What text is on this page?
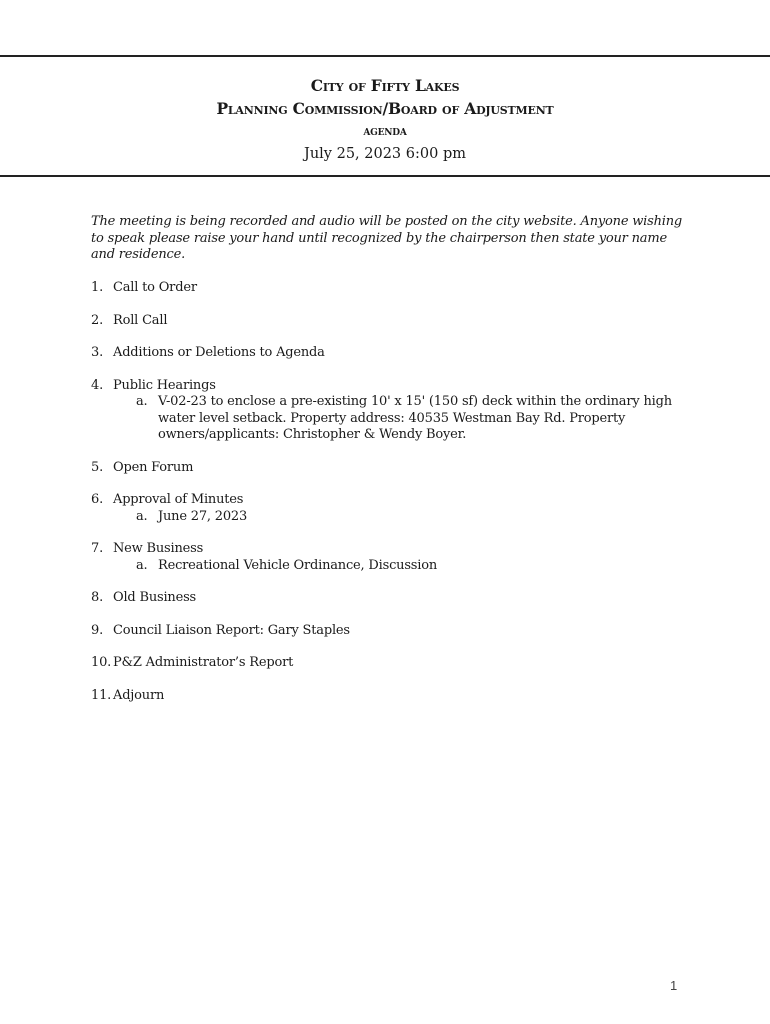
City of Fifty Lakes
Planning Commission/Board of Adjustment
agenda
July 25, 2023 6:00 pm
The meeting is being recorded and audio will be posted on the city website. Anyone wishing to speak please raise your hand until recognized by the chairperson then state your name and residence.
1. Call to Order
2. Roll Call
3. Additions or Deletions to Agenda
4. Public Hearings
a. V-02-23 to enclose a pre-existing 10' x 15' (150 sf) deck within the ordinary high water level setback. Property address: 40535 Westman Bay Rd. Property owners/applicants: Christopher & Wendy Boyer.
5. Open Forum
6. Approval of Minutes
a. June 27, 2023
7. New Business
a. Recreational Vehicle Ordinance, Discussion
8. Old Business
9. Council Liaison Report: Gary Staples
10. P&Z Administrator’s Report
11. Adjourn
1
